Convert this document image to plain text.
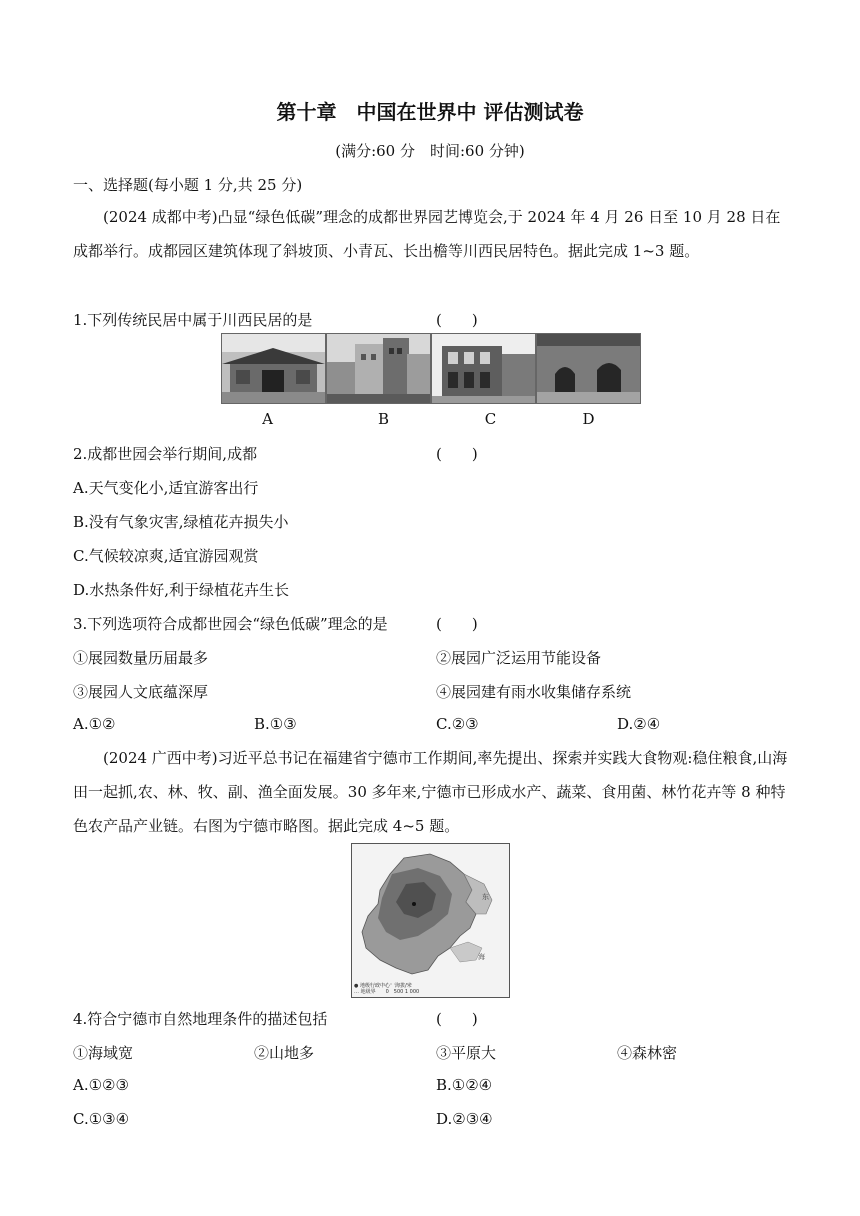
第十章　中国在世界中 评估测试卷
(满分:60 分　时间:60 分钟)
一、选择题(每小题 1 分,共 25 分)
(2024 成都中考)凸显“绿色低碳”理念的成都世界园艺博览会,于 2024 年 4 月 26 日至 10 月 28 日在成都举行。成都园区建筑体现了斜坡顶、小青瓦、长出檐等川西民居特色。据此完成 1~3 题。
1.下列传统民居中属于川西民居的是	(　　)
A	B	C	D
2.成都世园会举行期间,成都	(　　)
A.天气变化小,适宜游客出行
B.没有气象灾害,绿植花卉损失小
C.气候较凉爽,适宜游园观赏
D.水热条件好,利于绿植花卉生长
3.下列选项符合成都世园会“绿色低碳”理念的是	(　　)
①展园数量历届最多	②展园广泛运用节能设备
③展园人文底蕴深厚	④展园建有雨水收集储存系统
A.①②	B.①③	C.②③	D.②④
(2024 广西中考)习近平总书记在福建省宁德市工作期间,率先提出、探索并实践大食物观:稳住粮食,山海田一起抓,农、林、牧、副、渔全面发展。30 多年来,宁德市已形成水产、蔬菜、食用菌、林竹花卉等 8 种特色农产品产业链。右图为宁德市略图。据此完成 4~5 题。
东
海
● 地级行政中心　海拔/米
… 地级界　　0　500 1 000
4.符合宁德市自然地理条件的描述包括	(　　)
①海域宽	②山地多	③平原大	④森林密
A.①②③	B.①②④
C.①③④	D.②③④
